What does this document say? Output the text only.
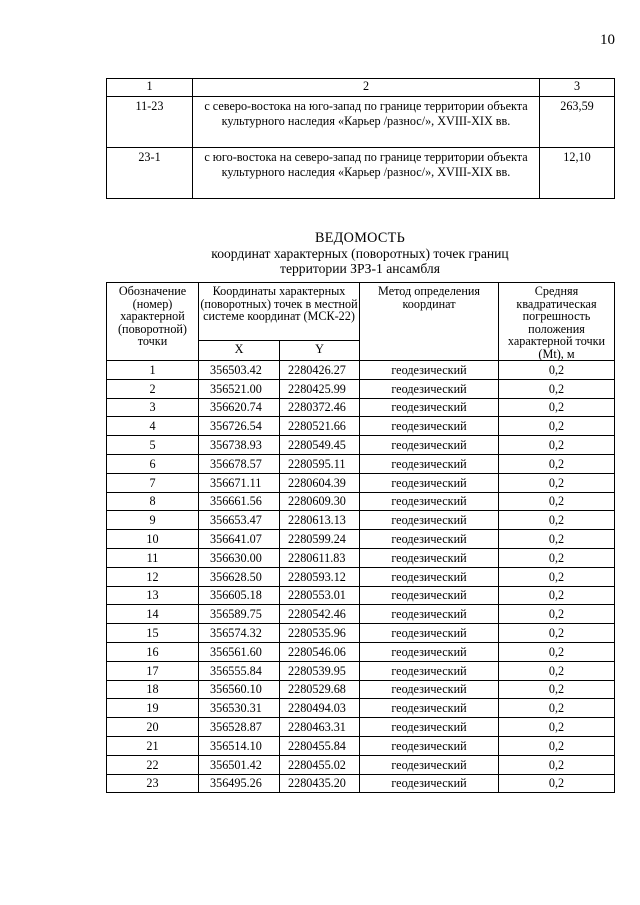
10
1	2	3
11-23	с северо-востока на юго-запад по границе территории объекта культурного наследия «Карьер /разнос/», XVIII-XIX вв.	263,59
23-1	с юго-востока на северо-запад по границе территории объекта культурного наследия «Карьер /разнос/», XVIII-XIX вв.	12,10
ВЕДОМОСТЬ
координат характерных (поворотных) точек границ
территории ЗРЗ-1 ансамбля
Обозначение (номер) характерной (поворотной) точки	Координаты характерных (поворотных) точек в местной системе координат (МСК-22)		Метод определения координат	Средняя квадратическая погрешность положения характерной точки (Mt), м
	X	Y		
1	356503.42	2280426.27	геодезический	0,2
2	356521.00	2280425.99	геодезический	0,2
3	356620.74	2280372.46	геодезический	0,2
4	356726.54	2280521.66	геодезический	0,2
5	356738.93	2280549.45	геодезический	0,2
6	356678.57	2280595.11	геодезический	0,2
7	356671.11	2280604.39	геодезический	0,2
8	356661.56	2280609.30	геодезический	0,2
9	356653.47	2280613.13	геодезический	0,2
10	356641.07	2280599.24	геодезический	0,2
11	356630.00	2280611.83	геодезический	0,2
12	356628.50	2280593.12	геодезический	0,2
13	356605.18	2280553.01	геодезический	0,2
14	356589.75	2280542.46	геодезический	0,2
15	356574.32	2280535.96	геодезический	0,2
16	356561.60	2280546.06	геодезический	0,2
17	356555.84	2280539.95	геодезический	0,2
18	356560.10	2280529.68	геодезический	0,2
19	356530.31	2280494.03	геодезический	0,2
20	356528.87	2280463.31	геодезический	0,2
21	356514.10	2280455.84	геодезический	0,2
22	356501.42	2280455.02	геодезический	0,2
23	356495.26	2280435.20	геодезический	0,2
